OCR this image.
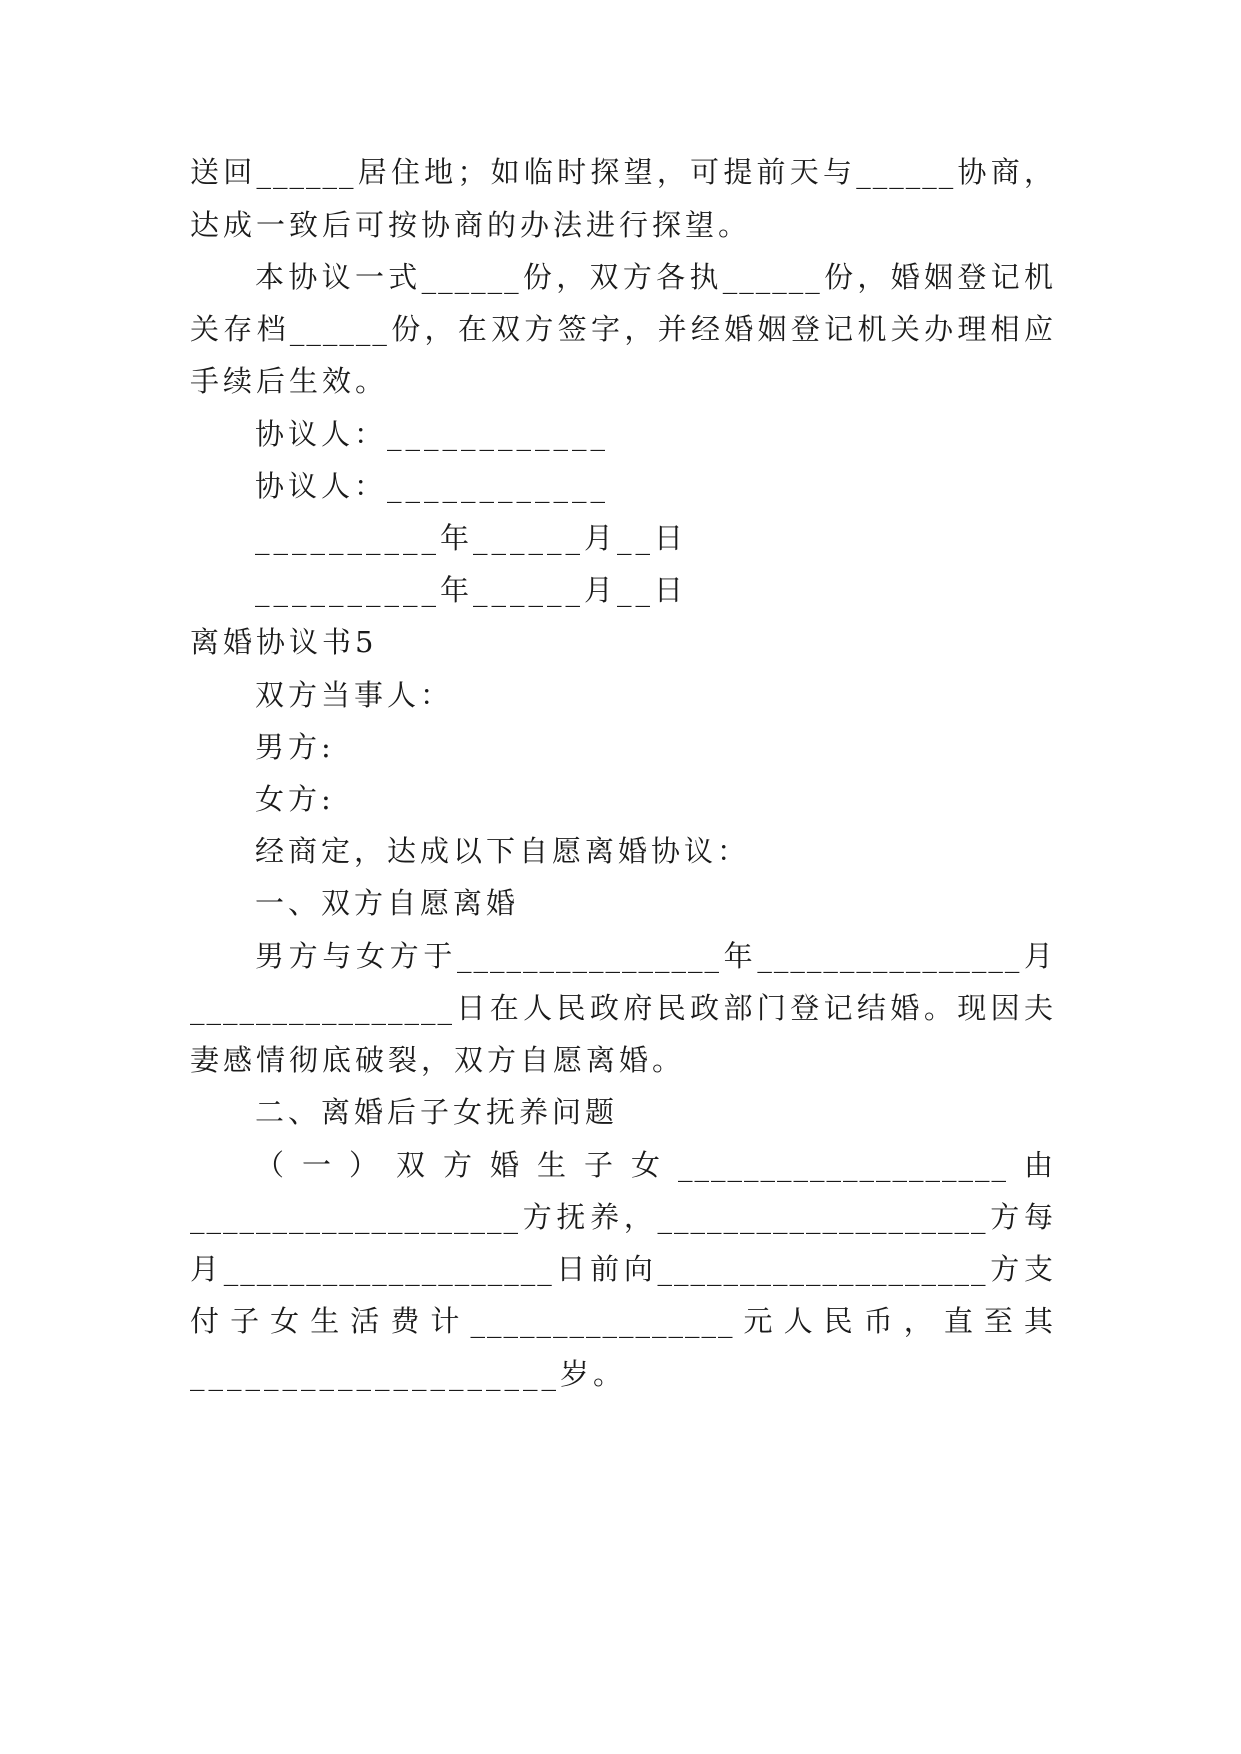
送回______居住地；如临时探望，可提前天与______协商，
达成一致后可按协商的办法进行探望。
本协议一式______份，双方各执______份，婚姻登记机
关存档______份，在双方签字，并经婚姻登记机关办理相应
手续后生效。
协议人：____________
协议人：____________
__________年______月__日
__________年______月__日
离婚协议书5
双方当事人：
男方:
女方:
经商定，达成以下自愿离婚协议：
一、双方自愿离婚
男方与女方于________________年________________月
________________日在人民政府民政部门登记结婚。现因夫
妻感情彻底破裂，双方自愿离婚。
二、离婚后子女抚养问题
（一）双方婚生子女____________________由
____________________方抚养，____________________方每
月____________________日前向____________________方支
付子女生活费计________________元人民币，直至其
____________________岁。
